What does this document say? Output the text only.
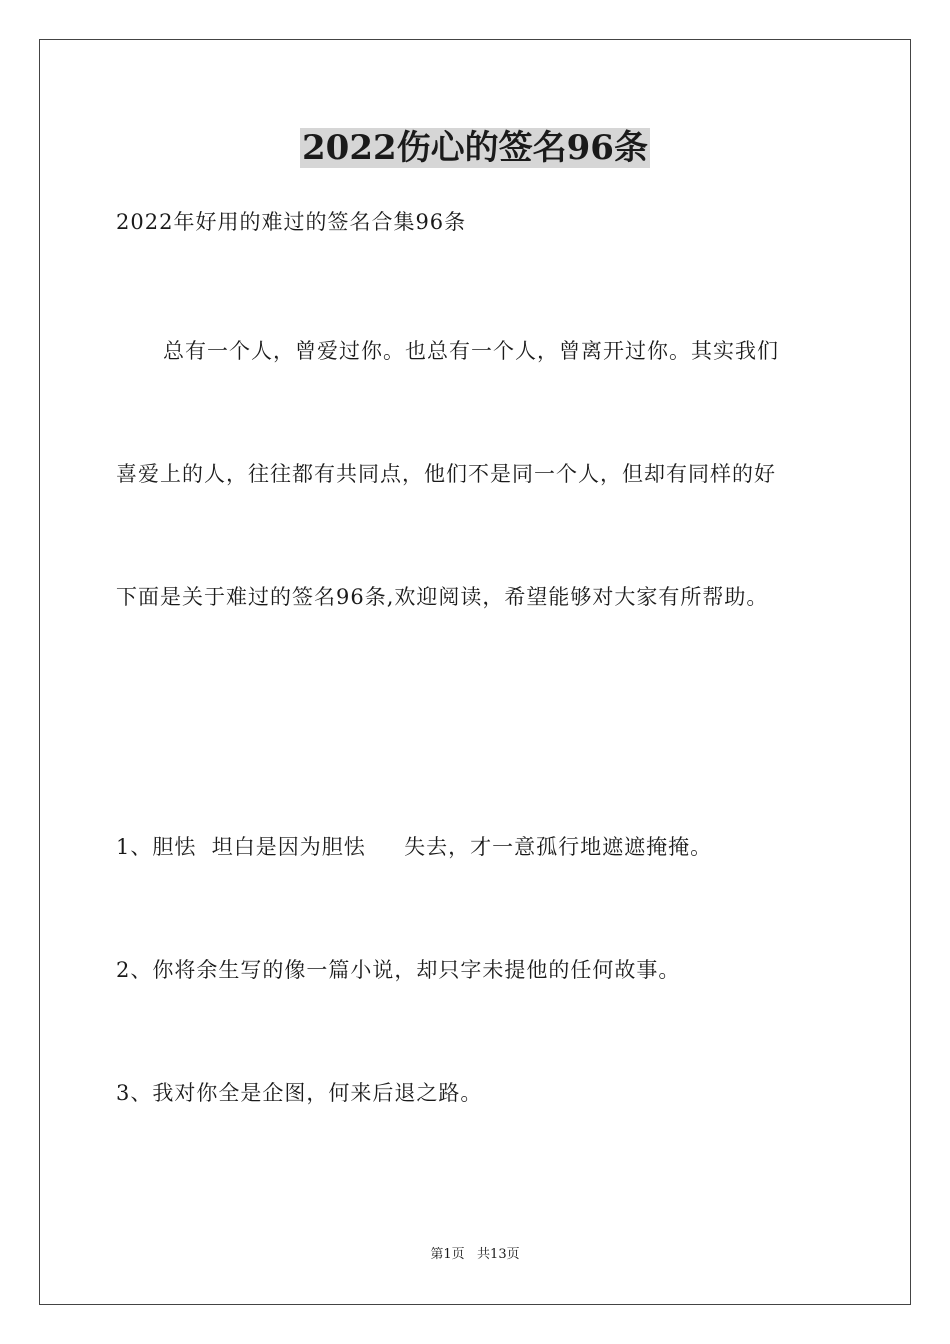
2022伤心的签名96条
2022年好用的难过的签名合集96条
总有一个人，曾爱过你。也总有一个人，曾离开过你。其实我们
喜爱上的人，往往都有共同点，他们不是同一个人，但却有同样的好
下面是关于难过的签名96条,欢迎阅读，希望能够对大家有所帮助。
1、胆怯  坦白是因为胆怯     失去，才一意孤行地遮遮掩掩。
2、你将余生写的像一篇小说，却只字未提他的任何故事。
3、我对你全是企图，何来后退之路。
第1页   共13页
